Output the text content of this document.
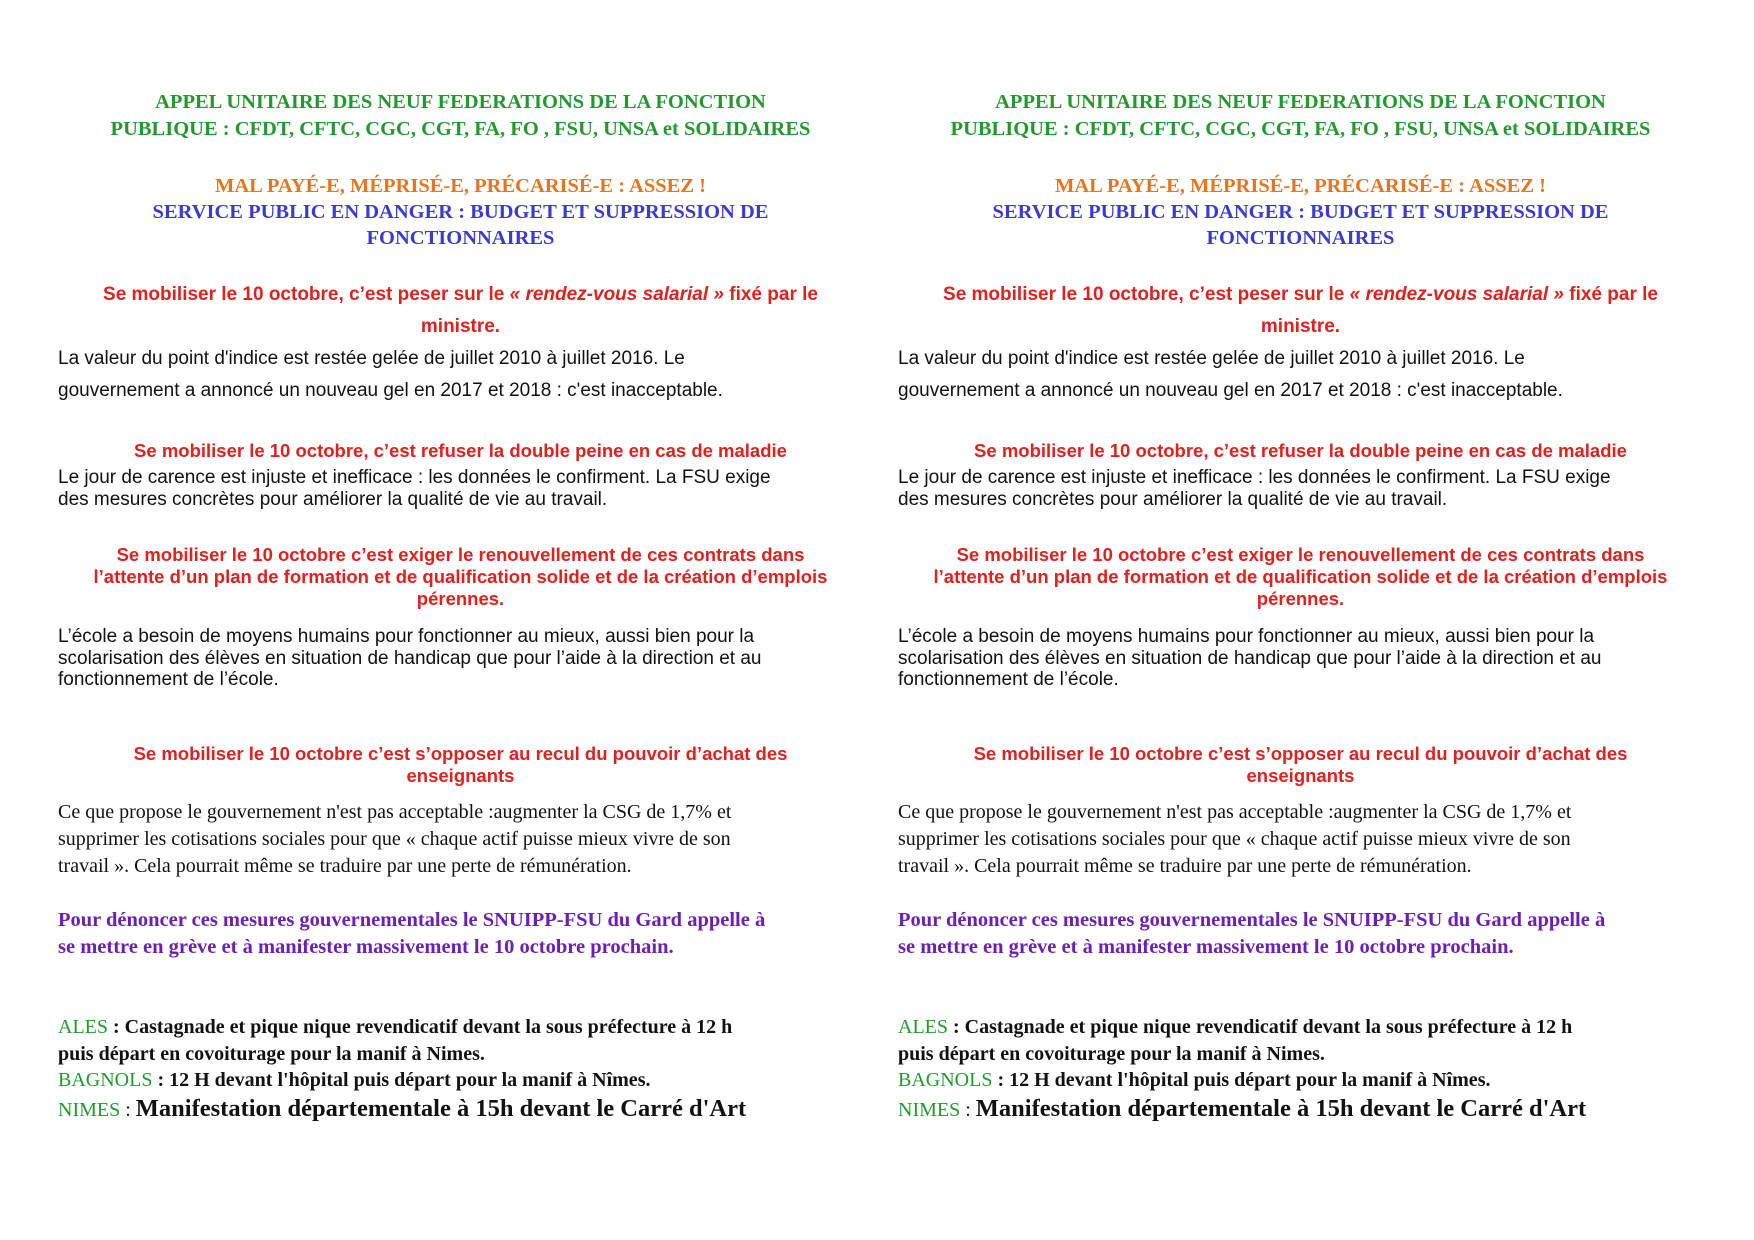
APPEL UNITAIRE DES NEUF FEDERATIONS DE LA FONCTION
PUBLIQUE : CFDT, CFTC, CGC, CGT, FA, FO , FSU, UNSA et SOLIDAIRES
MAL PAYÉ-E, MÉPRISÉ-E, PRÉCARISÉ-E : ASSEZ !
SERVICE PUBLIC EN DANGER : BUDGET ET SUPPRESSION DE
FONCTIONNAIRES
Se mobiliser le 10 octobre, c’est peser sur le « rendez-vous salarial » fixé par le
ministre.
La valeur du point d'indice est restée gelée de juillet 2010 à juillet 2016. Le
gouvernement a annoncé un nouveau gel en 2017 et 2018 : c'est inacceptable.
Se mobiliser le 10 octobre, c’est refuser la double peine en cas de maladie
Le jour de carence est injuste et inefficace : les données le confirment. La FSU exige
des mesures concrètes pour améliorer la qualité de vie au travail.
Se mobiliser le 10 octobre c’est exiger le renouvellement de ces contrats dans
l’attente d’un plan de formation et de qualification solide et de la création d’emplois
pérennes.
L’école a besoin de moyens humains pour fonctionner au mieux, aussi bien pour la
scolarisation des élèves en situation de handicap que pour l’aide à la direction et au
fonctionnement de l’école.
Se mobiliser le 10 octobre c’est s’opposer au recul du pouvoir d’achat des
enseignants
Ce que propose le gouvernement n'est pas acceptable :augmenter la CSG de 1,7% et
supprimer les cotisations sociales pour que « chaque actif puisse mieux vivre de son
travail ». Cela pourrait même se traduire par une perte de rémunération.
Pour dénoncer ces mesures gouvernementales le SNUIPP-FSU du Gard appelle à
se mettre en grève et à manifester massivement le 10 octobre prochain.
ALES : Castagnade et pique nique revendicatif devant la sous préfecture à 12 h
puis départ en covoiturage pour la manif à Nimes.
BAGNOLS : 12 H devant l'hôpital puis départ pour la manif à Nîmes.
NIMES : Manifestation départementale à 15h devant le Carré d'Art
APPEL UNITAIRE DES NEUF FEDERATIONS DE LA FONCTION
PUBLIQUE : CFDT, CFTC, CGC, CGT, FA, FO , FSU, UNSA et SOLIDAIRES
MAL PAYÉ-E, MÉPRISÉ-E, PRÉCARISÉ-E : ASSEZ !
SERVICE PUBLIC EN DANGER : BUDGET ET SUPPRESSION DE
FONCTIONNAIRES
Se mobiliser le 10 octobre, c’est peser sur le « rendez-vous salarial » fixé par le
ministre.
La valeur du point d'indice est restée gelée de juillet 2010 à juillet 2016. Le
gouvernement a annoncé un nouveau gel en 2017 et 2018 : c'est inacceptable.
Se mobiliser le 10 octobre, c’est refuser la double peine en cas de maladie
Le jour de carence est injuste et inefficace : les données le confirment. La FSU exige
des mesures concrètes pour améliorer la qualité de vie au travail.
Se mobiliser le 10 octobre c’est exiger le renouvellement de ces contrats dans
l’attente d’un plan de formation et de qualification solide et de la création d’emplois
pérennes.
L’école a besoin de moyens humains pour fonctionner au mieux, aussi bien pour la
scolarisation des élèves en situation de handicap que pour l’aide à la direction et au
fonctionnement de l’école.
Se mobiliser le 10 octobre c’est s’opposer au recul du pouvoir d’achat des
enseignants
Ce que propose le gouvernement n'est pas acceptable :augmenter la CSG de 1,7% et
supprimer les cotisations sociales pour que « chaque actif puisse mieux vivre de son
travail ». Cela pourrait même se traduire par une perte de rémunération.
Pour dénoncer ces mesures gouvernementales le SNUIPP-FSU du Gard appelle à
se mettre en grève et à manifester massivement le 10 octobre prochain.
ALES : Castagnade et pique nique revendicatif devant la sous préfecture à 12 h
puis départ en covoiturage pour la manif à Nimes.
BAGNOLS : 12 H devant l'hôpital puis départ pour la manif à Nîmes.
NIMES : Manifestation départementale à 15h devant le Carré d'Art
